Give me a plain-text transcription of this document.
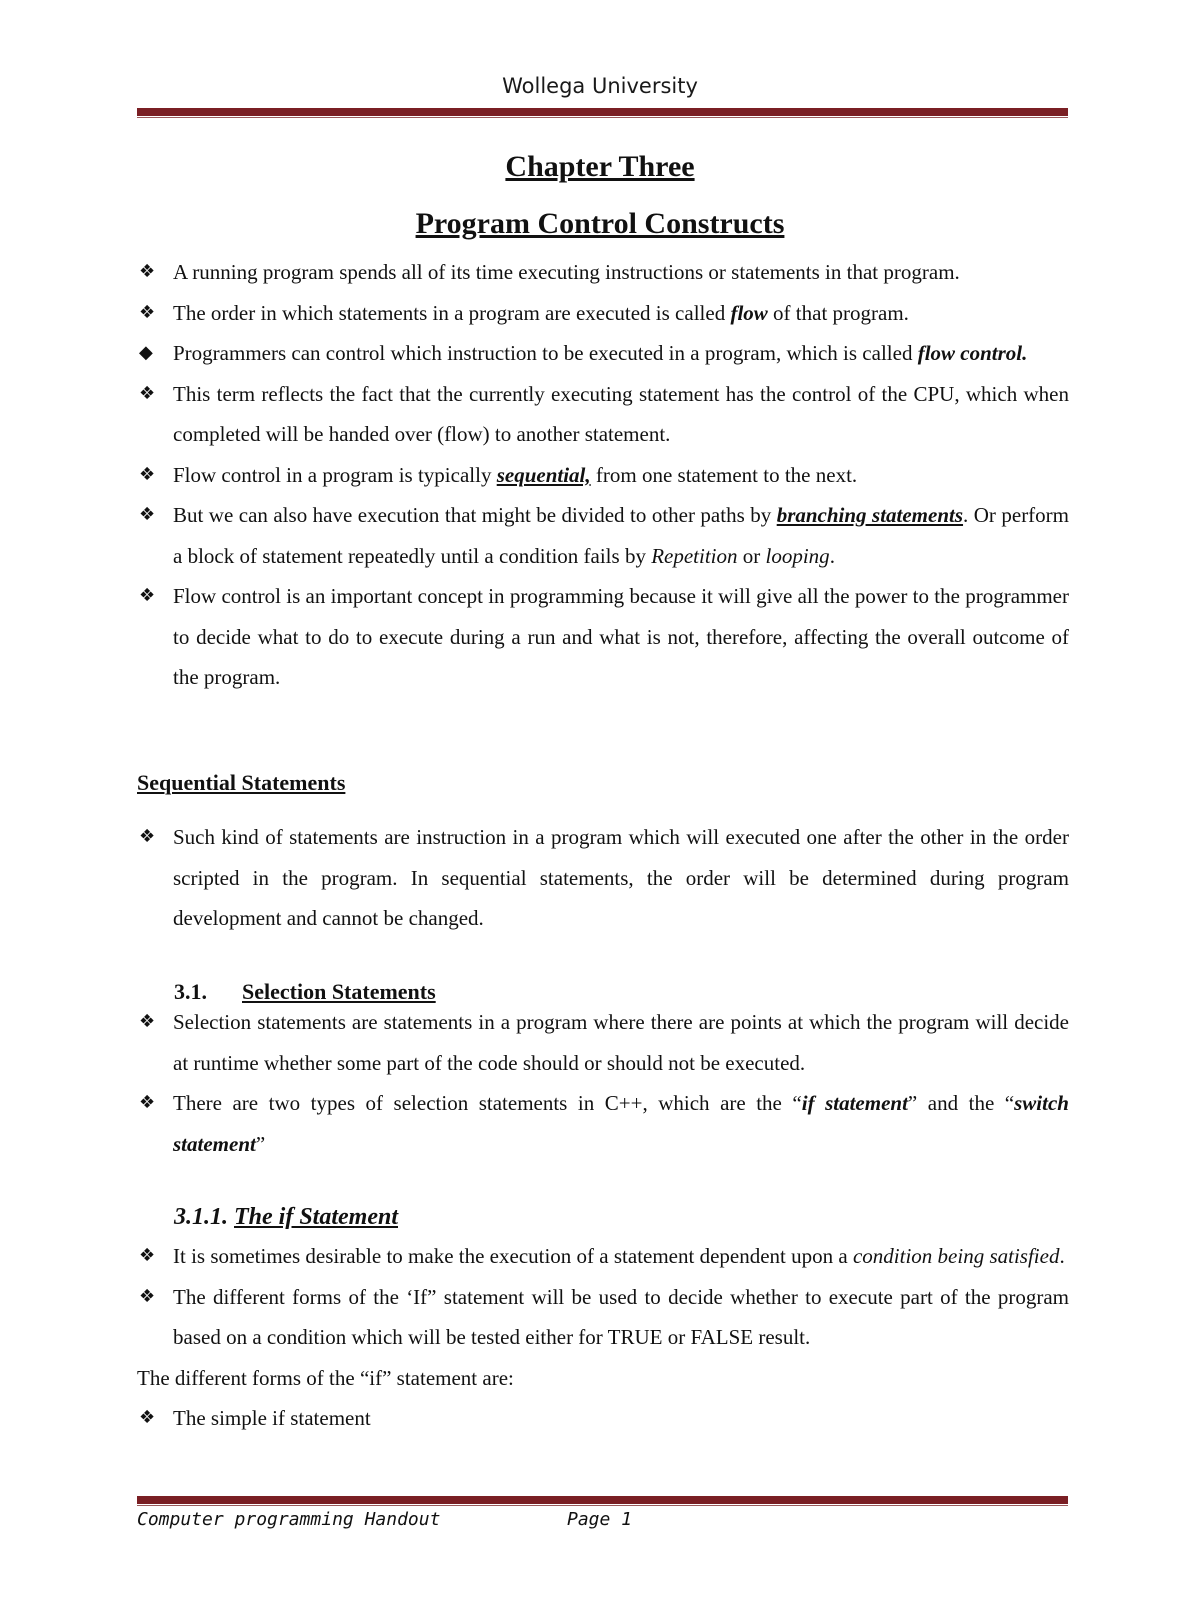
Wollega University
Chapter Three
Program Control Constructs
❖ A running program spends all of its time executing instructions or statements in that program.
❖ The order in which statements in a program are executed is called flow of that program.
◆ Programmers can control which instruction to be executed in a program, which is called flow control.
❖ This term reflects the fact that the currently executing statement has the control of the CPU, which when completed will be handed over (flow) to another statement.
❖ Flow control in a program is typically sequential, from one statement to the next.
❖ But we can also have execution that might be divided to other paths by branching statements. Or perform a block of statement repeatedly until a condition fails by Repetition or looping.
❖ Flow control is an important concept in programming because it will give all the power to the programmer to decide what to do to execute during a run and what is not, therefore, affecting the overall outcome of the program.
Sequential Statements
❖ Such kind of statements are instruction in a program which will executed one after the other in the order scripted in the program. In sequential statements, the order will be determined during program development and cannot be changed.
3.1. Selection Statements
❖ Selection statements are statements in a program where there are points at which the program will decide at runtime whether some part of the code should or should not be executed.
❖ There are two types of selection statements in C++, which are the “if statement” and the “switch statement”
3.1.1. The if Statement
❖ It is sometimes desirable to make the execution of a statement dependent upon a condition being satisfied.
❖ The different forms of the ‘If” statement will be used to decide whether to execute part of the program based on a condition which will be tested either for TRUE or FALSE result.
The different forms of the “if” statement are:
❖ The simple if statement
Computer programming Handout	Page 1
